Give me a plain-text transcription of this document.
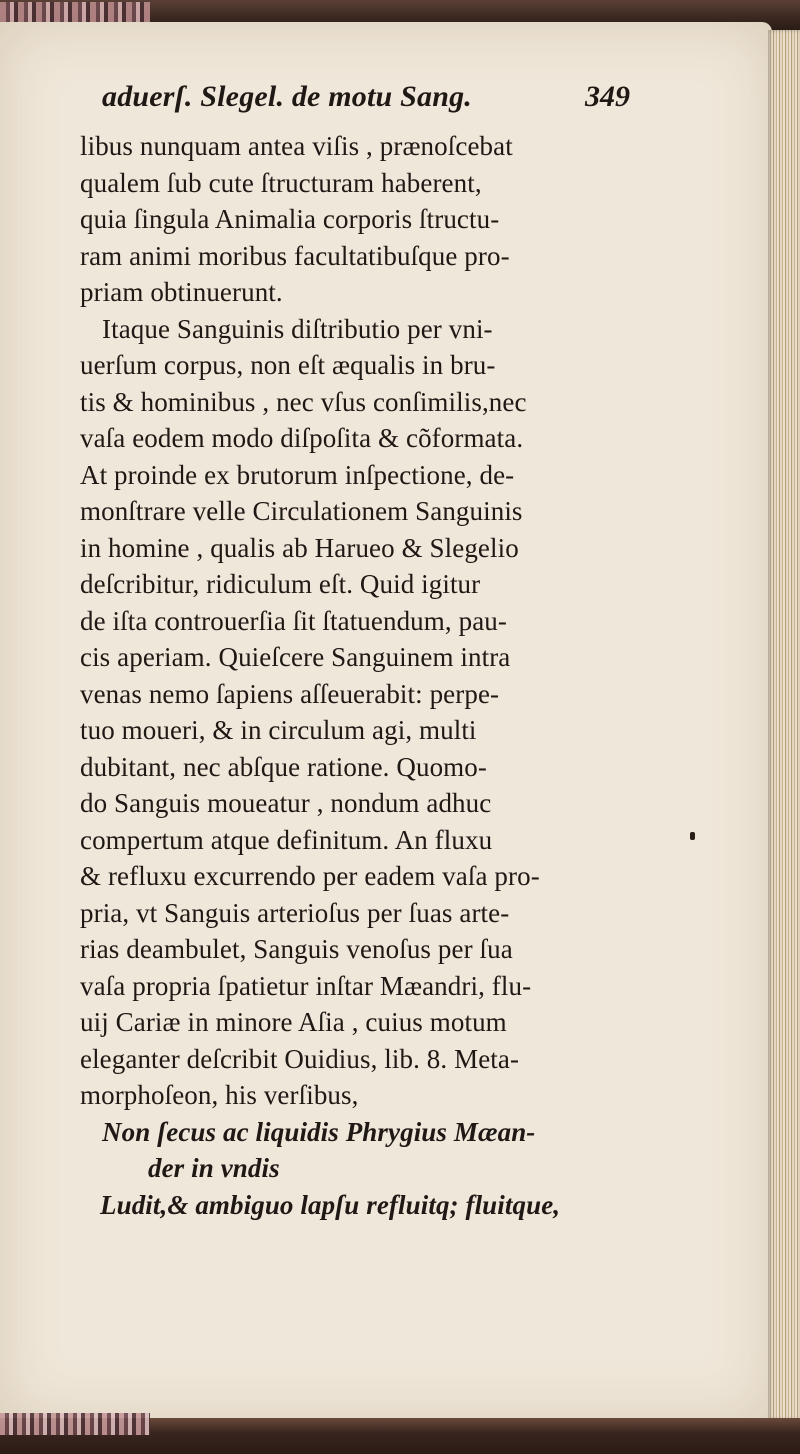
aduerſ. Slegel. de motu Sang.	349
libus nunquam antea viſis , prænoſcebat
qualem ſub cute ſtructuram haberent,
quia ſingula Animalia corporis ſtructu-
ram animi moribus facultatibuſque pro-
priam obtinuerunt.
Itaque Sanguinis diſtributio per vni-
uerſum corpus, non eſt æqualis in bru-
tis & hominibus , nec vſus conſimilis,nec
vaſa eodem modo diſpoſita & cõformata.
At proinde ex brutorum inſpectione, de-
monſtrare velle Circulationem Sanguinis
in homine , qualis ab Harueo & Slegelio
deſcribitur, ridiculum eſt. Quid igitur
de iſta controuerſia ſit ſtatuendum, pau-
cis aperiam. Quieſcere Sanguinem intra
venas nemo ſapiens aſſeuerabit: perpe-
tuo moueri, & in circulum agi, multi
dubitant, nec abſque ratione. Quomo-
do Sanguis moueatur , nondum adhuc
compertum atque definitum. An fluxu
& refluxu excurrendo per eadem vaſa pro-
pria, vt Sanguis arterioſus per ſuas arte-
rias deambulet, Sanguis venoſus per ſua
vaſa propria ſpatietur inſtar Mæandri, flu-
uij Cariæ in minore Aſia , cuius motum
eleganter deſcribit Ouidius, lib. 8. Meta-
morphoſeon, his verſibus,
Non ſecus ac liquidis Phrygius Mæan-
der in vndis
Ludit,& ambiguo lapſu refluitq; fluitque,
